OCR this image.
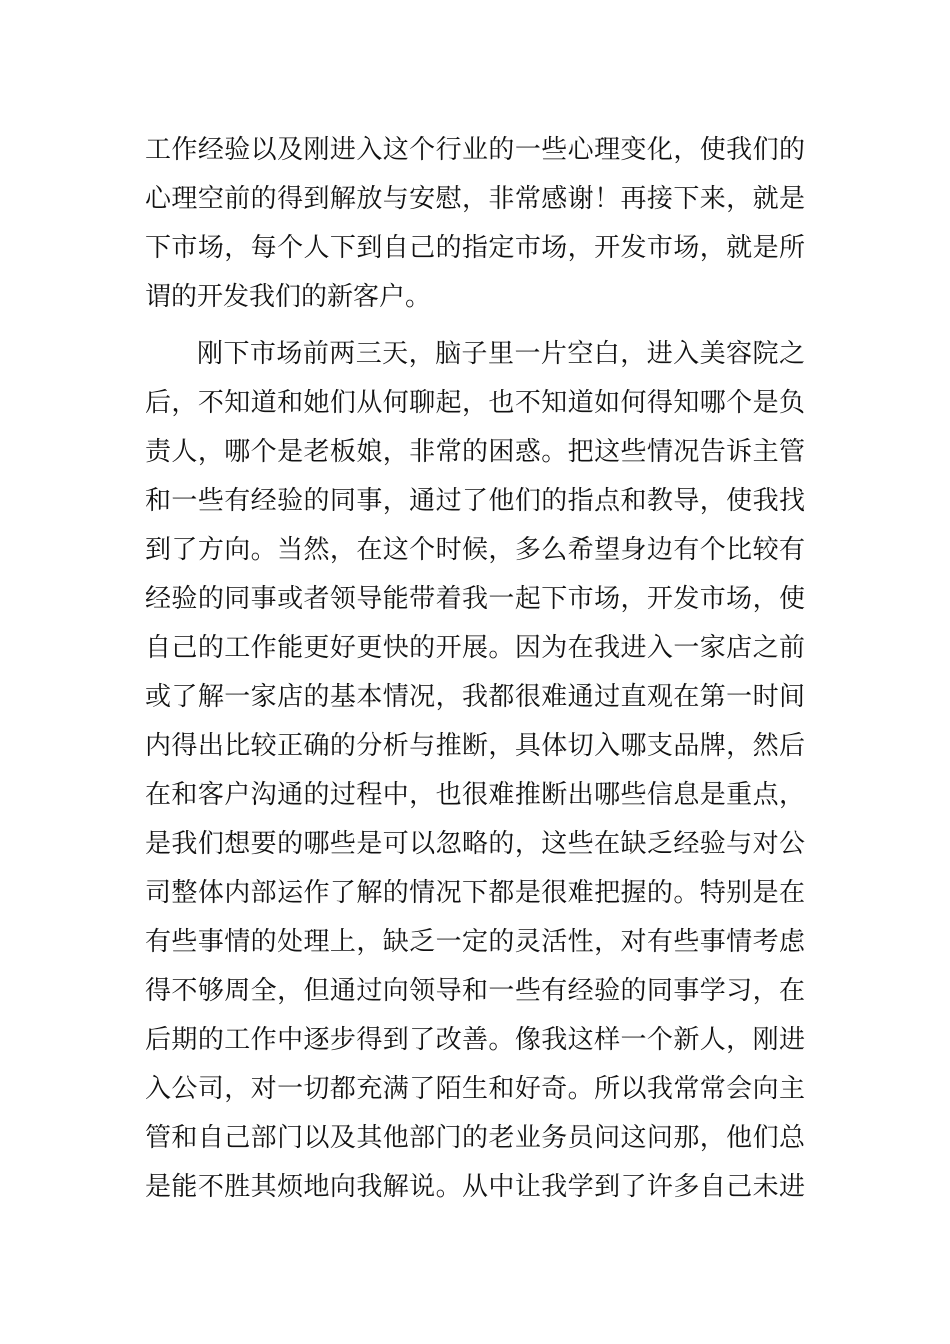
工作经验以及刚进入这个行业的一些心理变化，使我们的
心理空前的得到解放与安慰，非常感谢！再接下来，就是
下市场，每个人下到自己的指定市场，开发市场，就是所
谓的开发我们的新客户。
刚下市场前两三天，脑子里一片空白，进入美容院之
后，不知道和她们从何聊起，也不知道如何得知哪个是负
责人，哪个是老板娘，非常的困惑。把这些情况告诉主管
和一些有经验的同事，通过了他们的指点和教导，使我找
到了方向。当然，在这个时候，多么希望身边有个比较有
经验的同事或者领导能带着我一起下市场，开发市场，使
自己的工作能更好更快的开展。因为在我进入一家店之前
或了解一家店的基本情况，我都很难通过直观在第一时间
内得出比较正确的分析与推断，具体切入哪支品牌，然后
在和客户沟通的过程中，也很难推断出哪些信息是重点，
是我们想要的哪些是可以忽略的，这些在缺乏经验与对公
司整体内部运作了解的情况下都是很难把握的。特别是在
有些事情的处理上，缺乏一定的灵活性，对有些事情考虑
得不够周全，但通过向领导和一些有经验的同事学习，在
后期的工作中逐步得到了改善。像我这样一个新人，刚进
入公司，对一切都充满了陌生和好奇。所以我常常会向主
管和自己部门以及其他部门的老业务员问这问那，他们总
是能不胜其烦地向我解说。从中让我学到了许多自己未进
